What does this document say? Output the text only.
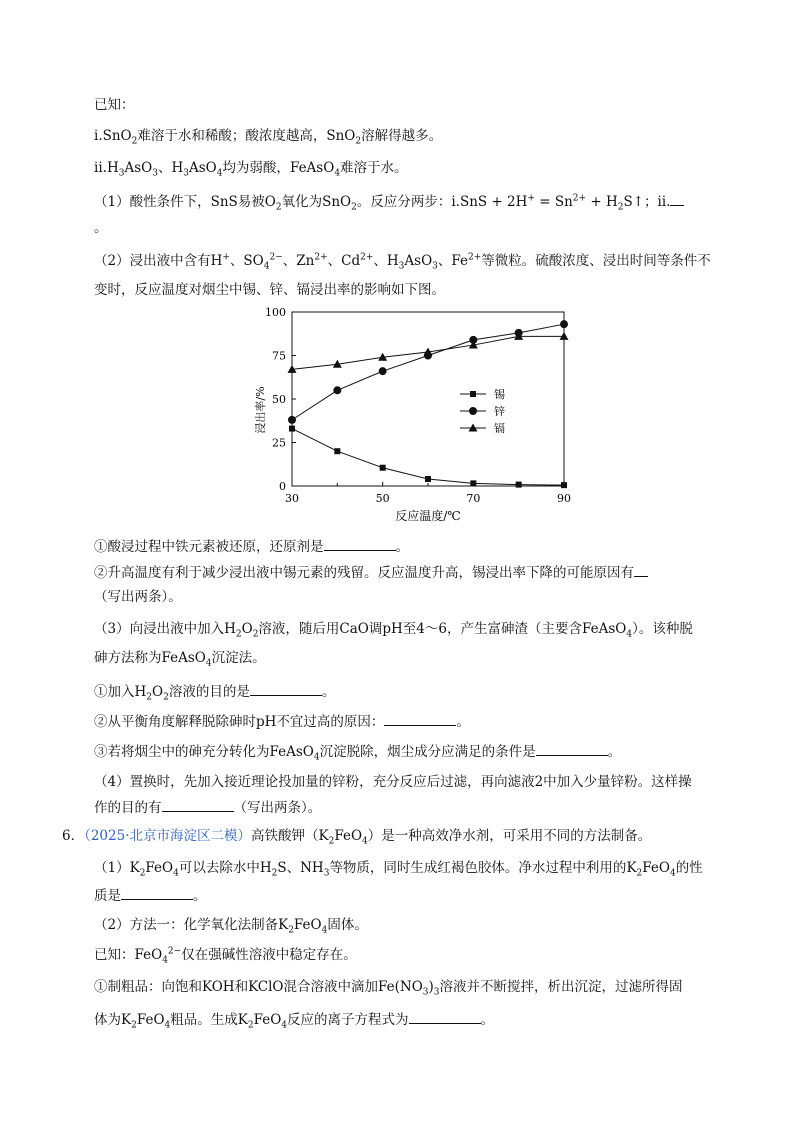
已知：
i.SnO$_2$难溶于水和稀酸；酸浓度越高，SnO$_2$溶解得越多。
$ii.H_3AsO_3$、$H_3AsO_4$均为弱酸，FeAsO$_4$难溶于水。
（1）酸性条件下，SnS易被$O_2$氧化为SnO$_2$。反应分两步：ⅰ.SnS + $2H^+ = Sn^{2+}$ + $H_2S↑$；ⅱ.
。
（2）浸出液中含有H+、$SO_4^{2-}$、$Zn^{2+}$、$Cd^{2+}$、$H_3AsO_3$、$Fe^{2+}$等微粒。硫酸浓度、浸出时间等条件不
变时，反应温度对烟尘中锡、锌、镉浸出率的影响如下图。
0
25
50
75
100
30	50	70	90
锡
锌
镉
反应温度/℃
浸出率/%
①酸浸过程中铁元素被还原，还原剂是	。
②升高温度有利于减少浸出液中锡元素的残留。反应温度升高，锡浸出率下降的可能原因有
（写出两条）。
（3）向浸出液中加入$H_2O_2$溶液，随后用CaO调pH至4～6，产生富砷渣（主要含FeAsO$_4$）。该种脱
砷方法称为FeAsO$_4$沉淀法。
①加入$H_2O_2$溶液的目的是	。
②从平衡角度解释脱除砷时pH不宜过高的原因：	。
③若将烟尘中的砷充分转化为FeAsO$_4$沉淀脱除，烟尘成分应满足的条件是	。
（4）置换时，先加入接近理论投加量的锌粉，充分反应后过滤，再向滤液2中加入少量锌粉。这样操
作的目的有	（写出两条）。
6．（2025·北京市海淀区二模）高铁酸钾$(K_2FeO_4)$是一种高效净水剂，可采用不同的方法制备。
$(1)K_2FeO_4$可以去除水中$H_2S$、$NH_3$等物质，同时生成红褐色胶体。净水过程中利用的$K_2FeO_4$的性
质是	。
（2）方法一：化学氧化法制备$K_2FeO_4$固体。
已知：FeO$_4^{2-}$仅在强碱性溶液中稳定存在。
①制粗品：向饱和KOH和KClO混合溶液中滴加$Fe(NO_3)_3$溶液并不断搅拌，析出沉淀，过滤所得固
体为$K_2FeO_4$粗品。生成$K_2FeO_4$反应的离子方程式为	。
